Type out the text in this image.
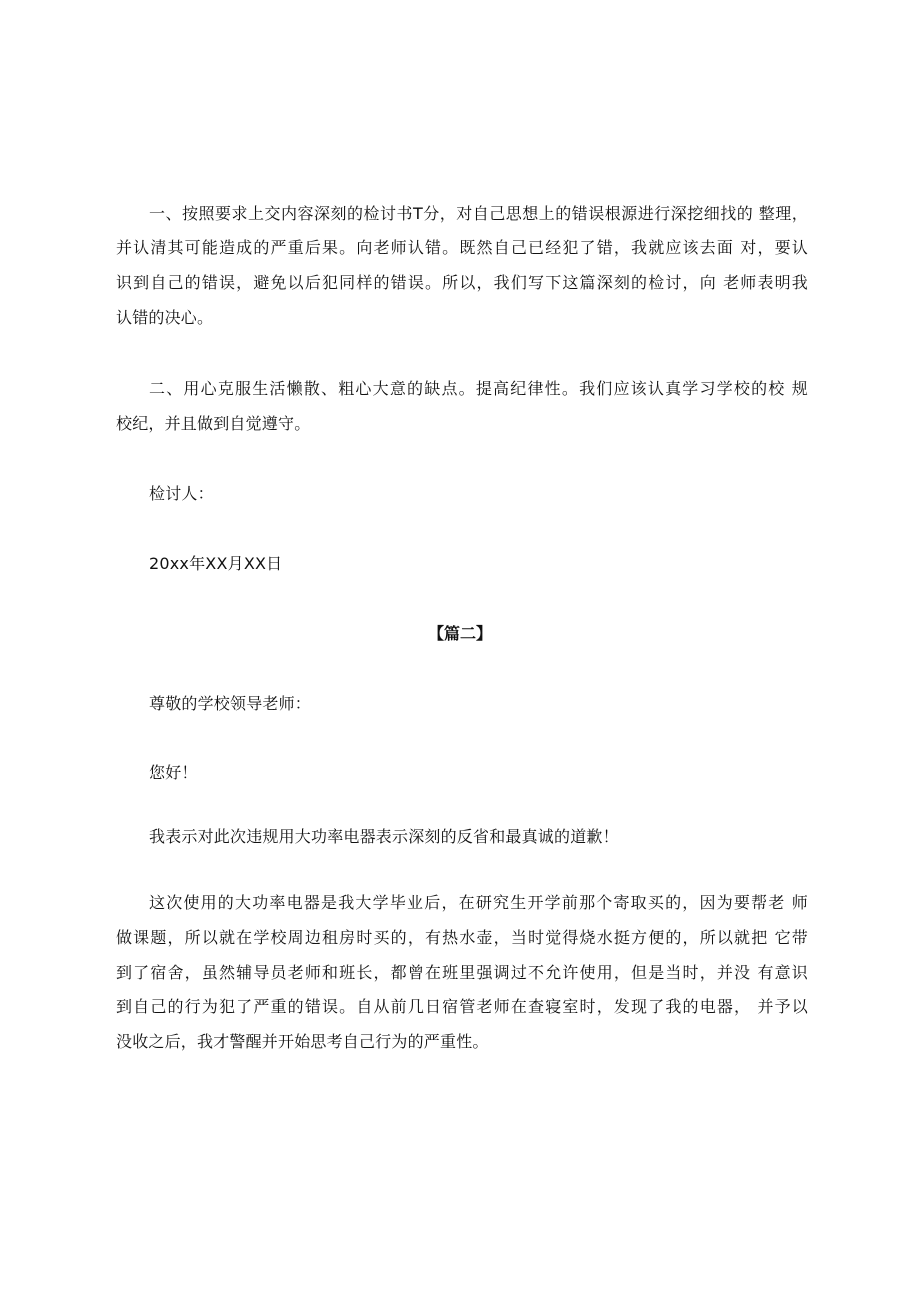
一、按照要求上交内容深刻的检讨书T分，对自己思想上的错误根源进行深挖细找的 整理，
并认清其可能造成的严重后果。向老师认错。既然自己已经犯了错，我就应该去面 对，要认
识到自己的错误，避免以后犯同样的错误。所以，我们写下这篇深刻的检讨，向 老师表明我
认错的决心。
二、用心克服生活懒散、粗心大意的缺点。提高纪律性。我们应该认真学习学校的校 规
校纪，并且做到自觉遵守。
检讨人：
20xx年XX月XX日
【篇二】
尊敬的学校领导老师：
您好！
我表示对此次违规用大功率电器表示深刻的反省和最真诚的道歉！
这次使用的大功率电器是我大学毕业后，在研究生开学前那个寄取买的，因为要帮老 师
做课题，所以就在学校周边租房时买的，有热水壶，当时觉得烧水挺方便的，所以就把 它带
到了宿舍，虽然辅导员老师和班长，都曾在班里强调过不允许使用，但是当时，并没 有意识
到自己的行为犯了严重的错误。自从前几日宿管老师在查寝室时，发现了我的电器， 并予以
没收之后，我才警醒并开始思考自己行为的严重性。
